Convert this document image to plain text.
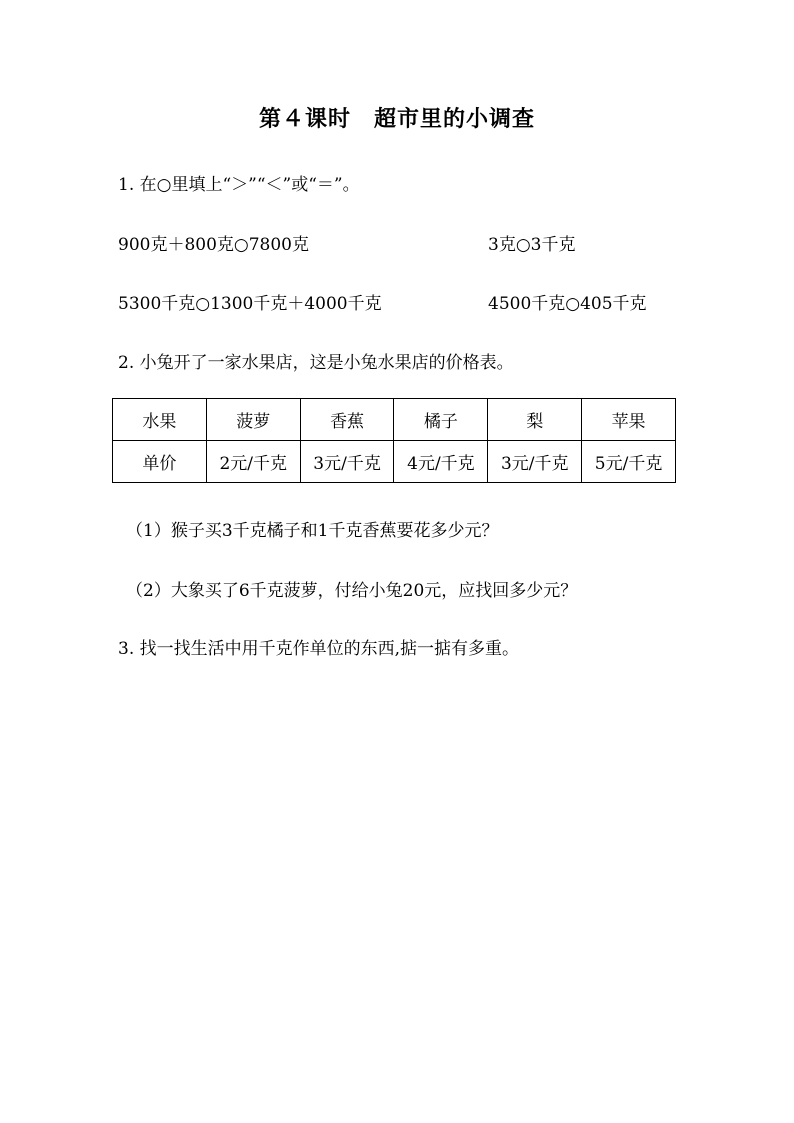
第４课时　超市里的小调查
1. 在○里填上“＞”“＜”或“＝”。
900克＋800克○7800克	3克○3千克
5300千克○1300千克＋4000千克	4500千克○405千克
2. 小兔开了一家水果店，这是小兔水果店的价格表。
水果	菠萝	香蕉	橘子	梨	苹果
单价	2元/千克	3元/千克	4元/千克	3元/千克	5元/千克
（1）猴子买3千克橘子和1千克香蕉要花多少元？
（2）大象买了6千克菠萝，付给小兔20元，应找回多少元？
3. 找一找生活中用千克作单位的东西,掂一掂有多重。
